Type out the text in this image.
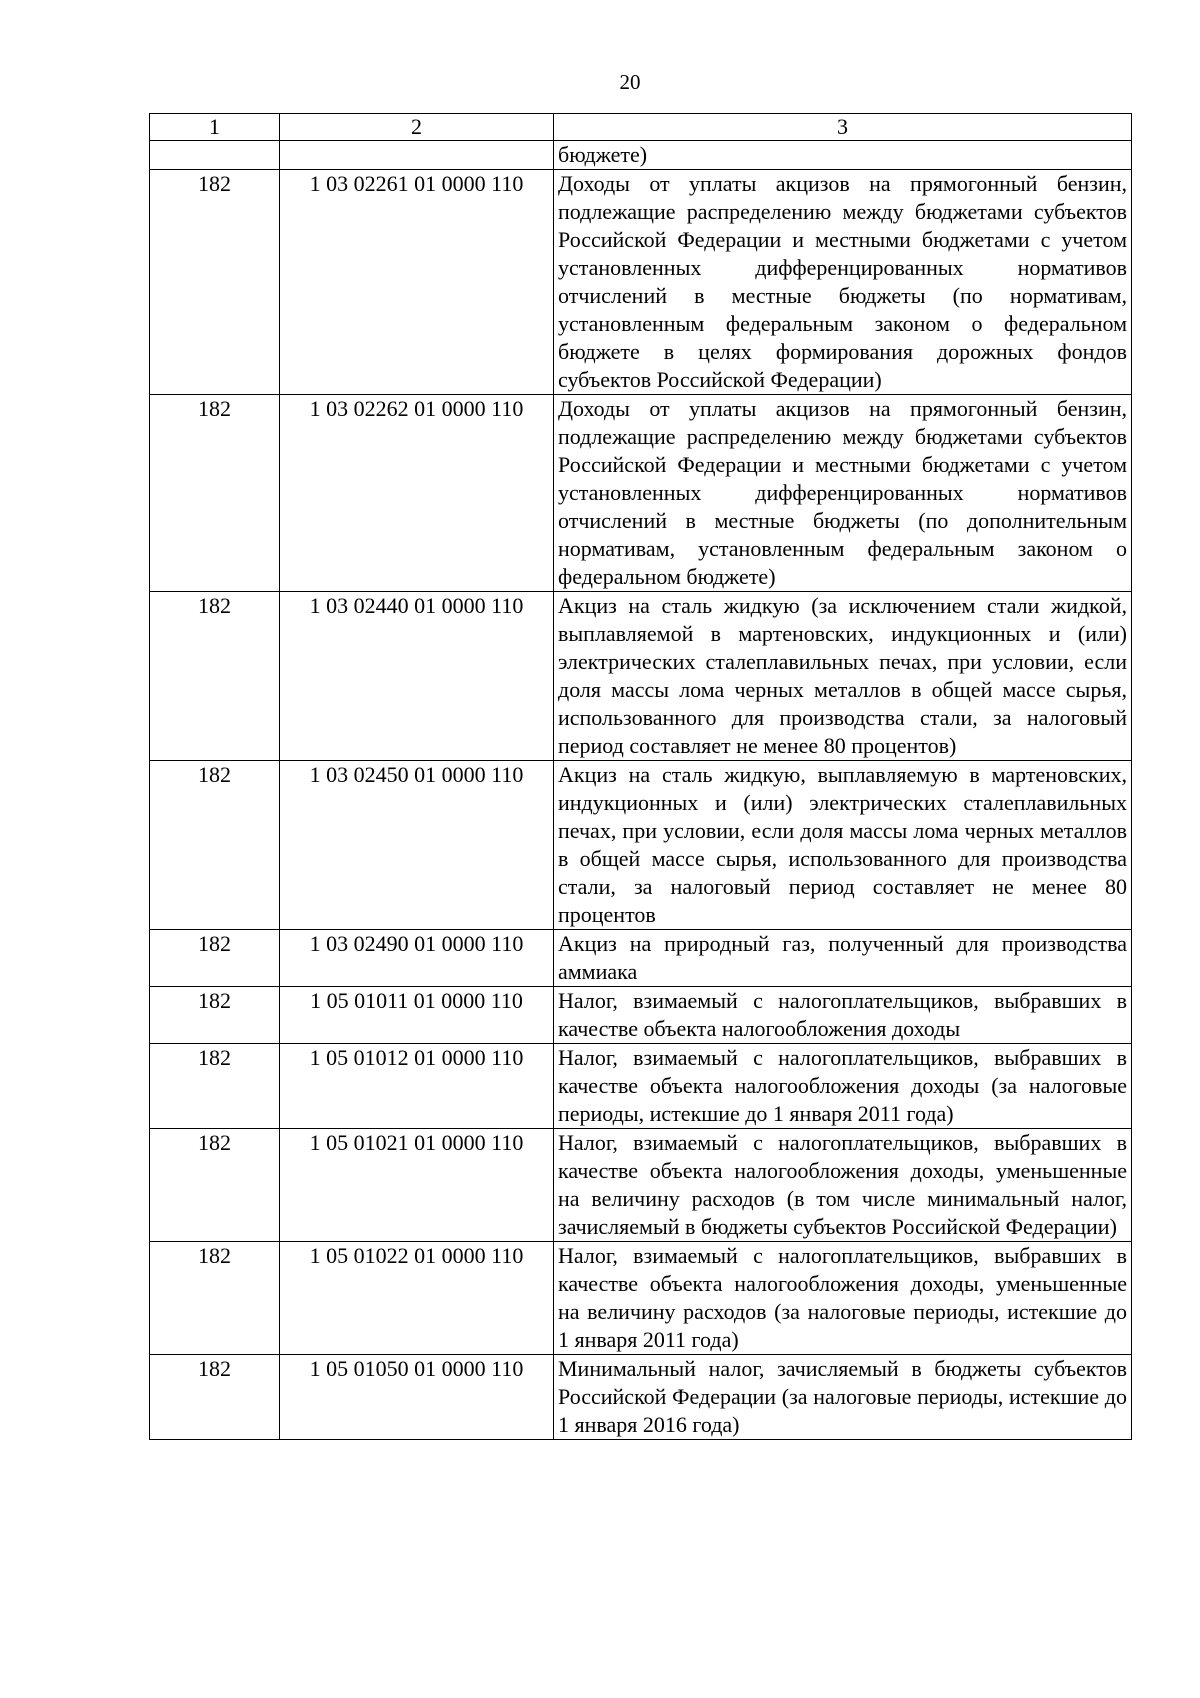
20
1	2	3
		бюджете)
182	1 03 02261 01 0000 110	Доходы от уплаты акцизов на прямогонный бензин, подлежащие распределению между бюджетами субъектов Российской Федерации и местными бюджетами с учетом установленных дифференцированных нормативов отчислений в местные бюджеты (по нормативам, установленным федеральным законом о федеральном бюджете в целях формирования дорожных фондов субъектов Российской Федерации)
182	1 03 02262 01 0000 110	Доходы от уплаты акцизов на прямогонный бензин, подлежащие распределению между бюджетами субъектов Российской Федерации и местными бюджетами с учетом установленных дифференцированных нормативов отчислений в местные бюджеты (по дополнительным нормативам, установленным федеральным законом о федеральном бюджете)
182	1 03 02440 01 0000 110	Акциз на сталь жидкую (за исключением стали жидкой, выплавляемой в мартеновских, индукционных и (или) электрических сталеплавильных печах, при условии, если доля массы лома черных металлов в общей массе сырья, использованного для производства стали, за налоговый период составляет не менее 80 процентов)
182	1 03 02450 01 0000 110	Акциз на сталь жидкую, выплавляемую в мартеновских, индукционных и (или) электрических сталеплавильных печах, при условии, если доля массы лома черных металлов в общей массе сырья, использованного для производства стали, за налоговый период составляет не менее 80 процентов
182	1 03 02490 01 0000 110	Акциз на природный газ, полученный для производства аммиака
182	1 05 01011 01 0000 110	Налог, взимаемый с налогоплательщиков, выбравших в качестве объекта налогообложения доходы
182	1 05 01012 01 0000 110	Налог, взимаемый с налогоплательщиков, выбравших в качестве объекта налогообложения доходы (за налоговые периоды, истекшие до 1 января 2011 года)
182	1 05 01021 01 0000 110	Налог, взимаемый с налогоплательщиков, выбравших в качестве объекта налогообложения доходы, уменьшенные на величину расходов (в том числе минимальный налог, зачисляемый в бюджеты субъектов Российской Федерации)
182	1 05 01022 01 0000 110	Налог, взимаемый с налогоплательщиков, выбравших в качестве объекта налогообложения доходы, уменьшенные на величину расходов (за налоговые периоды, истекшие до 1 января 2011 года)
182	1 05 01050 01 0000 110	Минимальный налог, зачисляемый в бюджеты субъектов Российской Федерации (за налоговые периоды, истекшие до 1 января 2016 года)
